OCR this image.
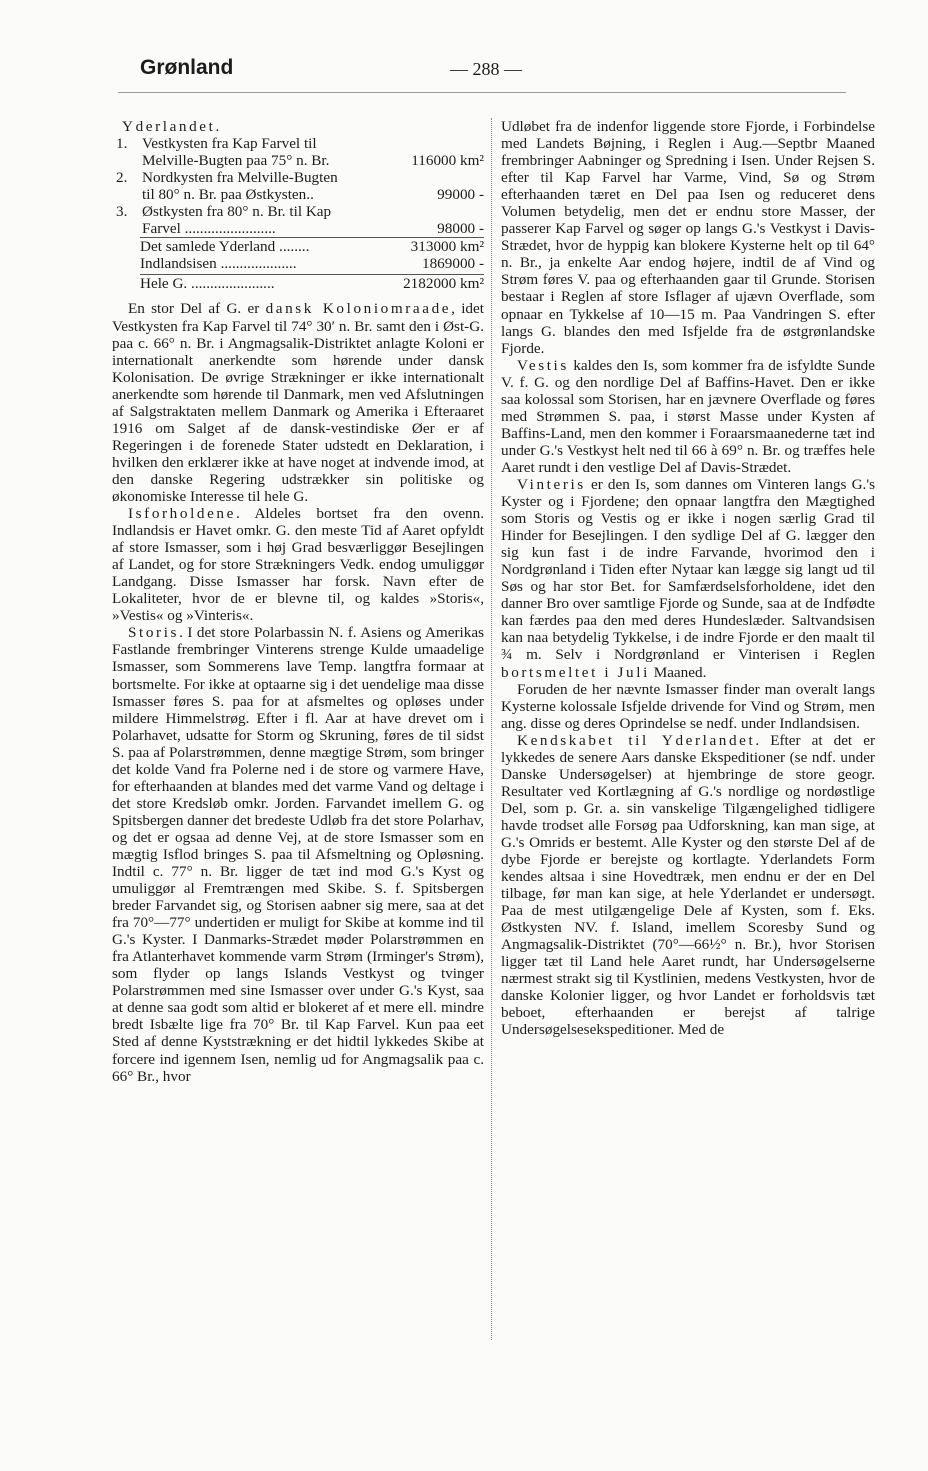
Grønland	— 288 —
Yderlandet.
1. Vestkysten fra Kap Farvel til
Melville-Bugten paa 75° n. Br.	116000 km²
2. Nordkysten fra Melville-Bugten
til 80° n. Br. paa Østkysten..	99000 -
3. Østkysten fra 80° n. Br. til Kap
Farvel ........................	98000 -
Det samlede Yderland ........	313000 km²
Indlandsisen ....................	1869000 -
Hele G. ......................	2182000 km²

En stor Del af G. er dansk Koloniomraade, idet Vestkysten fra Kap Farvel til 74° 30′ n. Br. samt den i Øst-G. paa c. 66° n. Br. i Angmagsalik-Distriktet anlagte Koloni er internationalt anerkendte som hørende under dansk Kolonisation. De øvrige Strækninger er ikke internationalt anerkendte som hørende til Danmark, men ved Afslutningen af Salgstraktaten mellem Danmark og Amerika i Efteraaret 1916 om Salget af de dansk-vestindiske Øer er af Regeringen i de forenede Stater udstedt en Deklaration, i hvilken den erklærer ikke at have noget at indvende imod, at den danske Regering udstrækker sin politiske og økonomiske Interesse til hele G.

Isforholdene. Aldeles bortset fra den ovenn. Indlandsis er Havet omkr. G. den meste Tid af Aaret opfyldt af store Ismasser, som i høj Grad besværliggør Besejlingen af Landet, og for store Strækningers Vedk. endog umuliggør Landgang. Disse Ismasser har forsk. Navn efter de Lokaliteter, hvor de er blevne til, og kaldes »Storis«, »Vestis« og »Vinteris«.

Storis. I det store Polarbassin N. f. Asiens og Amerikas Fastlande frembringer Vinterens strenge Kulde umaadelige Ismasser, som Sommerens lave Temp. langtfra formaar at bortsmelte. For ikke at optaarne sig i det uendelige maa disse Ismasser føres S. paa for at afsmeltes og opløses under mildere Himmelstrøg. Efter i fl. Aar at have drevet om i Polarhavet, udsatte for Storm og Skruning, føres de til sidst S. paa af Polarstrømmen, denne mægtige Strøm, som bringer det kolde Vand fra Polerne ned i de store og varmere Have, for efterhaanden at blandes med det varme Vand og deltage i det store Kredsløb omkr. Jorden. Farvandet imellem G. og Spitsbergen danner det bredeste Udløb fra det store Polarhav, og det er ogsaa ad denne Vej, at de store Ismasser som en mægtig Isflod bringes S. paa til Afsmeltning og Opløsning. Indtil c. 77° n. Br. ligger de tæt ind mod G.'s Kyst og umuliggør al Fremtrængen med Skibe. S. f. Spitsbergen breder Farvandet sig, og Storisen aabner sig mere, saa at det fra 70°—77° undertiden er muligt for Skibe at komme ind til G.'s Kyster. I Danmarks-Strædet møder Polarstrømmen en fra Atlanterhavet kommende varm Strøm (Irminger's Strøm), som flyder op langs Islands Vestkyst og tvinger Polarstrømmen med sine Ismasser over under G.'s Kyst, saa at denne saa godt som altid er blokeret af et mere ell. mindre bredt Isbælte lige fra 70° Br. til Kap Farvel. Kun paa eet Sted af denne Kyststrækning er det hidtil lykkedes Skibe at forcere ind igennem Isen, nemlig ud for Angmagsalik paa c. 66° Br., hvor

Udløbet fra de indenfor liggende store Fjorde, i Forbindelse med Landets Bøjning, i Reglen i Aug.—Septbr Maaned frembringer Aabninger og Spredning i Isen. Under Rejsen S. efter til Kap Farvel har Varme, Vind, Sø og Strøm efterhaanden tæret en Del paa Isen og reduceret dens Volumen betydelig, men det er endnu store Masser, der passerer Kap Farvel og søger op langs G.'s Vestkyst i Davis-Strædet, hvor de hyppig kan blokere Kysterne helt op til 64° n. Br., ja enkelte Aar endog højere, indtil de af Vind og Strøm føres V. paa og efterhaanden gaar til Grunde. Storisen bestaar i Reglen af store Isflager af ujævn Overflade, som opnaar en Tykkelse af 10—15 m. Paa Vandringen S. efter langs G. blandes den med Isfjelde fra de østgrønlandske Fjorde.

Vestis kaldes den Is, som kommer fra de isfyldte Sunde V. f. G. og den nordlige Del af Baffins-Havet. Den er ikke saa kolossal som Storisen, har en jævnere Overflade og føres med Strømmen S. paa, i størst Masse under Kysten af Baffins-Land, men den kommer i Foraarsmaanederne tæt ind under G.'s Vestkyst helt ned til 66 à 69° n. Br. og træffes hele Aaret rundt i den vestlige Del af Davis-Strædet.

Vinteris er den Is, som dannes om Vinteren langs G.'s Kyster og i Fjordene; den opnaar langtfra den Mægtighed som Storis og Vestis og er ikke i nogen særlig Grad til Hinder for Besejlingen. I den sydlige Del af G. lægger den sig kun fast i de indre Farvande, hvorimod den i Nordgrønland i Tiden efter Nytaar kan lægge sig langt ud til Søs og har stor Bet. for Samfærdselsforholdene, idet den danner Bro over samtlige Fjorde og Sunde, saa at de Indfødte kan færdes paa den med deres Hundeslæder. Saltvandsisen kan naa betydelig Tykkelse, i de indre Fjorde er den maalt til ¾ m. Selv i Nordgrønland er Vinterisen i Reglen bortsmeltet i Juli Maaned.

Foruden de her nævnte Ismasser finder man overalt langs Kysterne kolossale Isfjelde drivende for Vind og Strøm, men ang. disse og deres Oprindelse se nedf. under Indlandsisen.

Kendskabet til Yderlandet. Efter at det er lykkedes de senere Aars danske Ekspeditioner (se ndf. under Danske Undersøgelser) at hjembringe de store geogr. Resultater ved Kortlægning af G.'s nordlige og nordøstlige Del, som p. Gr. a. sin vanskelige Tilgængelighed tidligere havde trodset alle Forsøg paa Udforskning, kan man sige, at G.'s Omrids er bestemt. Alle Kyster og den største Del af de dybe Fjorde er berejste og kortlagte. Yderlandets Form kendes altsaa i sine Hovedtræk, men endnu er der en Del tilbage, før man kan sige, at hele Yderlandet er undersøgt. Paa de mest utilgængelige Dele af Kysten, som f. Eks. Østkysten NV. f. Island, imellem Scoresby Sund og Angmagsalik-Distriktet (70°—66½° n. Br.), hvor Storisen ligger tæt til Land hele Aaret rundt, har Undersøgelserne nærmest strakt sig til Kystlinien, medens Vestkysten, hvor de danske Kolonier ligger, og hvor Landet er forholdsvis tæt beboet, efterhaanden er berejst af talrige Undersøgelsesekspeditioner. Med de
